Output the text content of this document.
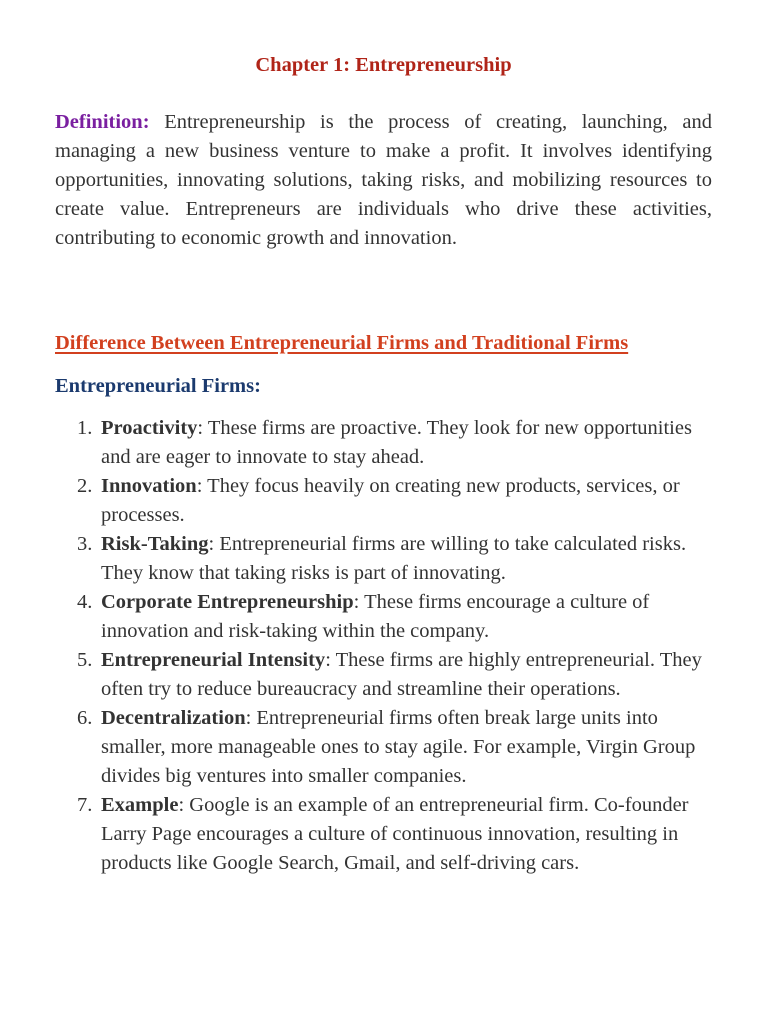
Chapter 1: Entrepreneurship

Definition: Entrepreneurship is the process of creating, launching, and managing a new business venture to make a profit. It involves identifying opportunities, innovating solutions, taking risks, and mobilizing resources to create value. Entrepreneurs are individuals who drive these activities, contributing to economic growth and innovation.

Difference Between Entrepreneurial Firms and Traditional Firms
Entrepreneurial Firms:
1. Proactivity: These firms are proactive. They look for new opportunities and are eager to innovate to stay ahead.
2. Innovation: They focus heavily on creating new products, services, or processes.
3. Risk-Taking: Entrepreneurial firms are willing to take calculated risks. They know that taking risks is part of innovating.
4. Corporate Entrepreneurship: These firms encourage a culture of innovation and risk-taking within the company.
5. Entrepreneurial Intensity: These firms are highly entrepreneurial. They often try to reduce bureaucracy and streamline their operations.
6. Decentralization: Entrepreneurial firms often break large units into smaller, more manageable ones to stay agile. For example, Virgin Group divides big ventures into smaller companies.
7. Example: Google is an example of an entrepreneurial firm. Co-founder Larry Page encourages a culture of continuous innovation, resulting in products like Google Search, Gmail, and self-driving cars.
